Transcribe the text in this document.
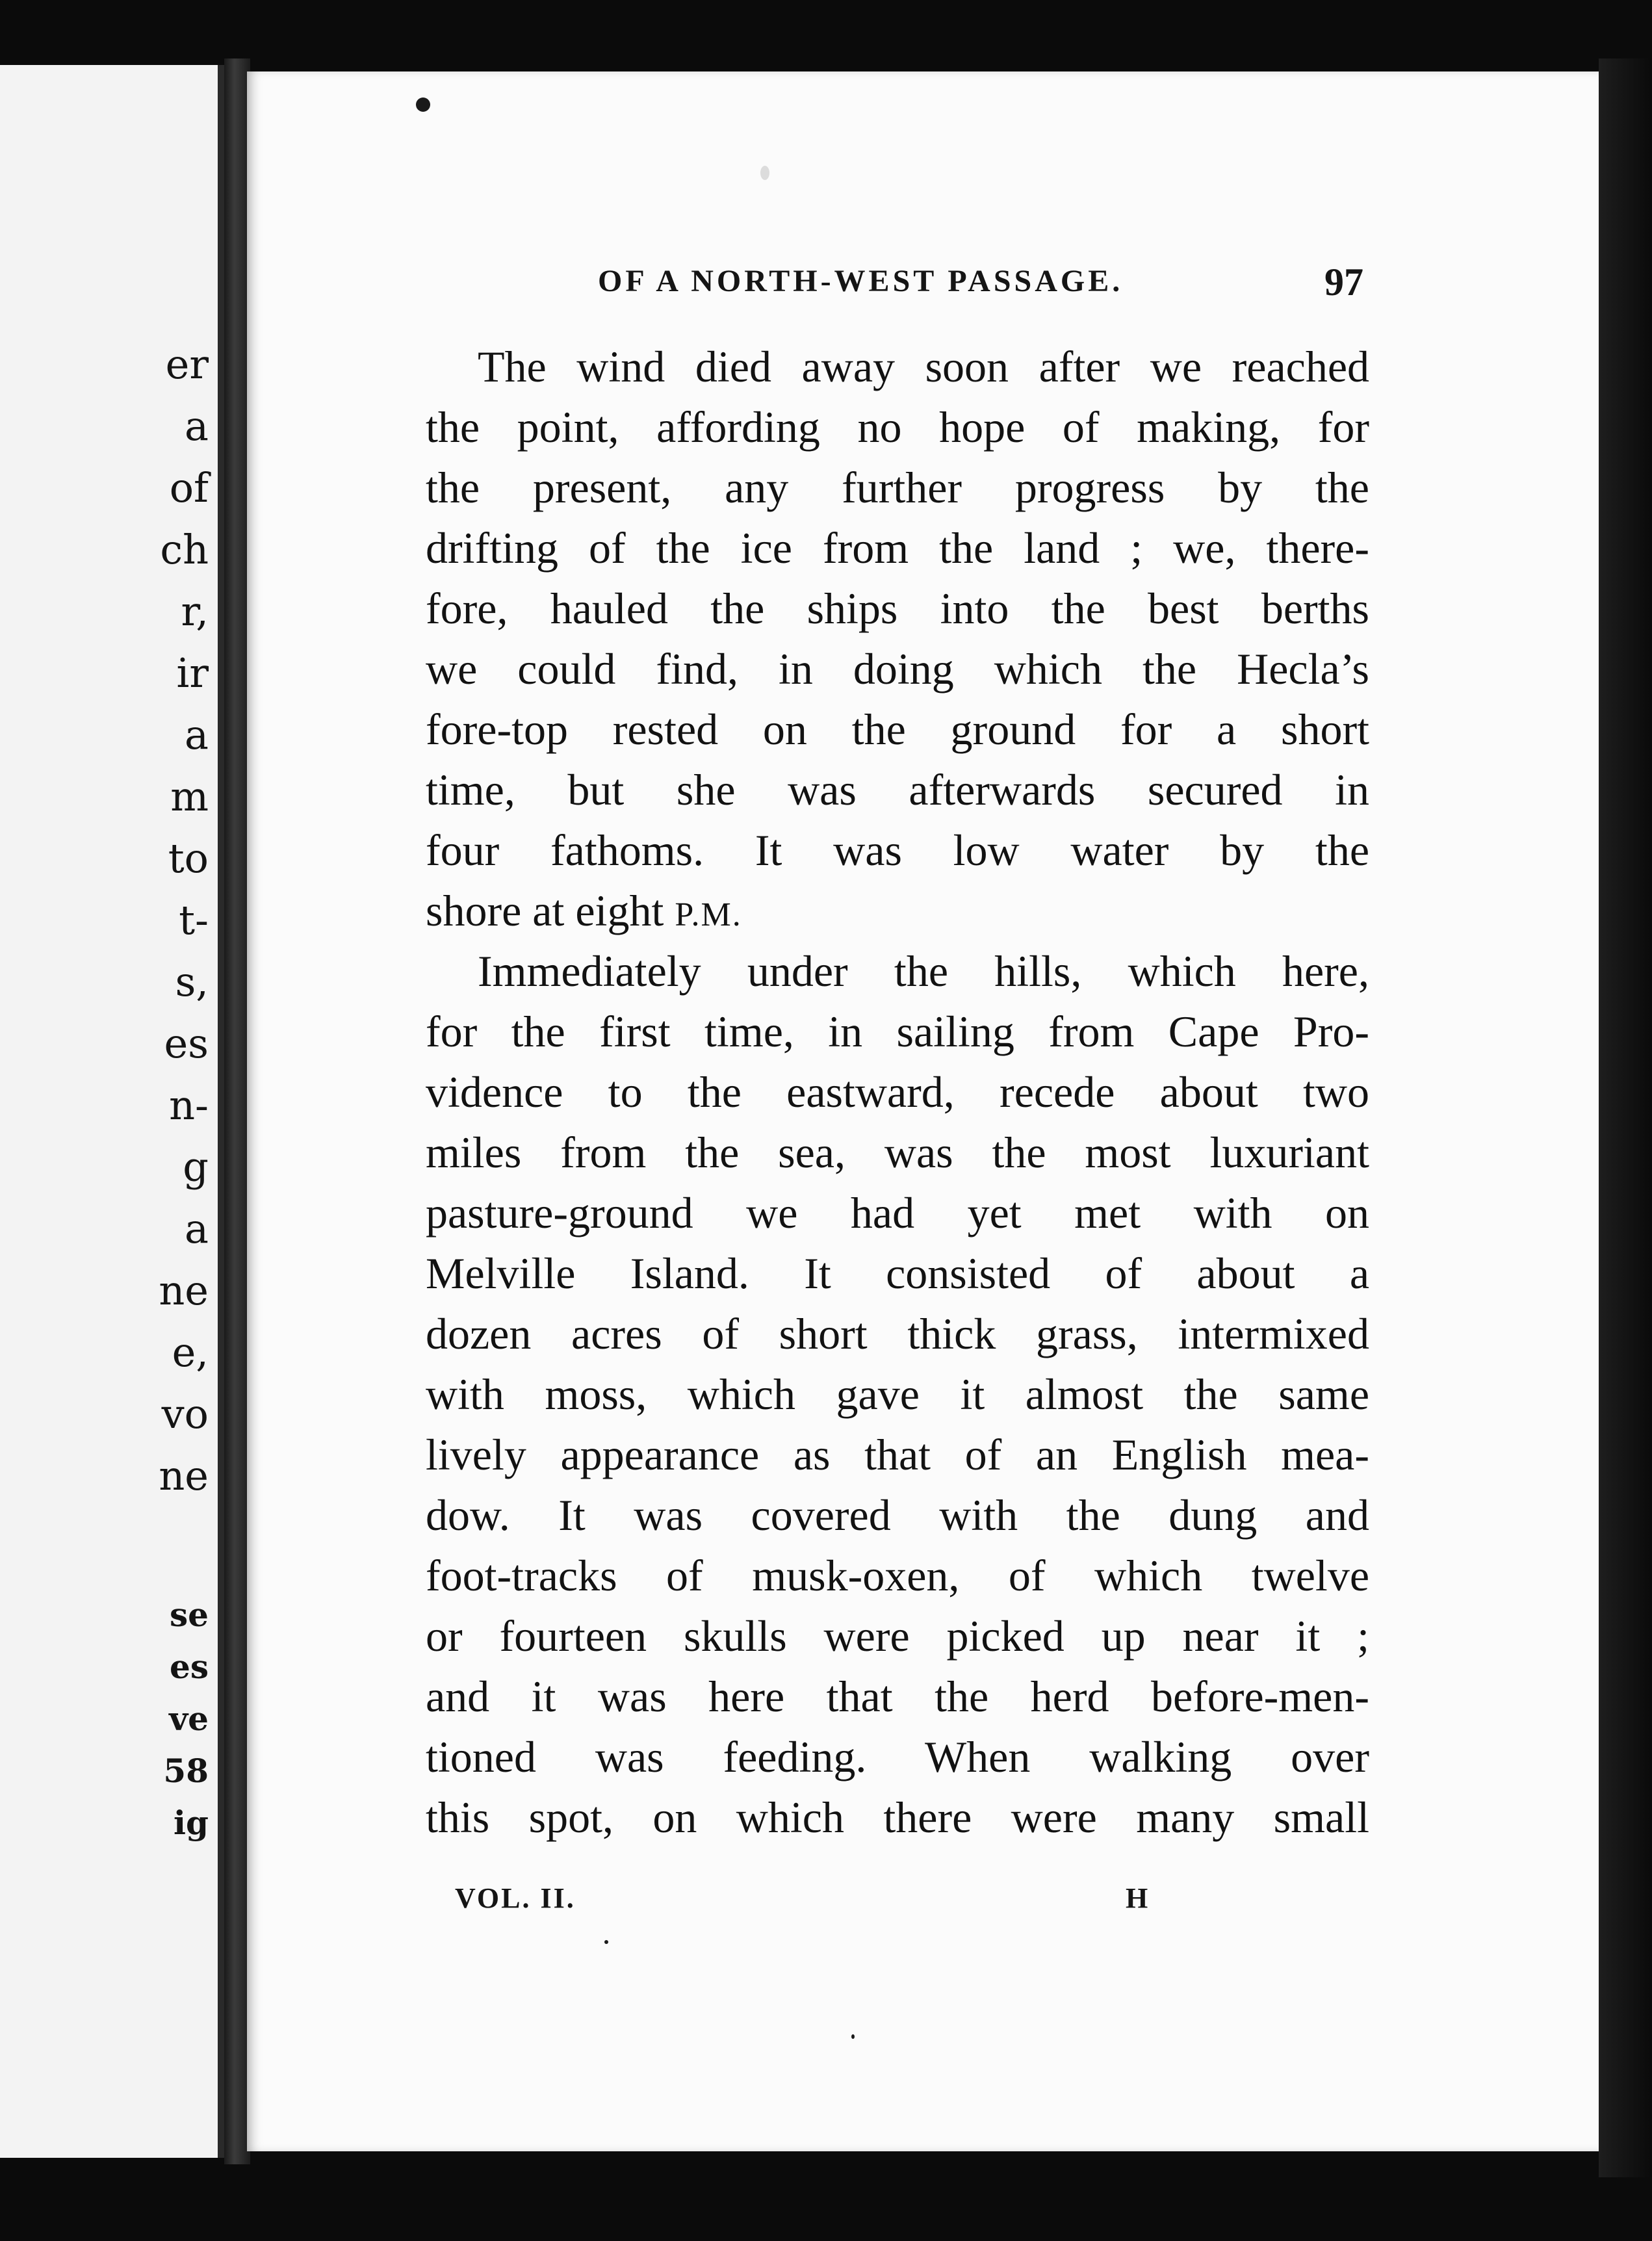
er

a

of

ch

r,

ir

a

m

to

t-

s,

es

n-

g

a

ne

e,

vo

ne

se

es

ve

58

ig

OF A NORTH-WEST PASSAGE.	97

The wind died away soon after we reached

the point, affording no hope of making, for

the present, any further progress by the

drifting of the ice from the land ; we, there-

fore, hauled the ships into the best berths

we could find, in doing which the Hecla’s

fore-top rested on the ground for a short

time, but she was afterwards secured in

four fathoms. It was low water by the

shore at eight P.M.

Immediately under the hills, which here,

for the first time, in sailing from Cape Pro-

vidence to the eastward, recede about two

miles from the sea, was the most luxuriant

pasture-ground we had yet met with on

Melville Island. It consisted of about a

dozen acres of short thick grass, intermixed

with moss, which gave it almost the same

lively appearance as that of an English mea-

dow. It was covered with the dung and

foot-tracks of musk-oxen, of which twelve

or fourteen skulls were picked up near it ;

and it was here that the herd before-men-

tioned was feeding. When walking over

this spot, on which there were many small

VOL. II.	H
